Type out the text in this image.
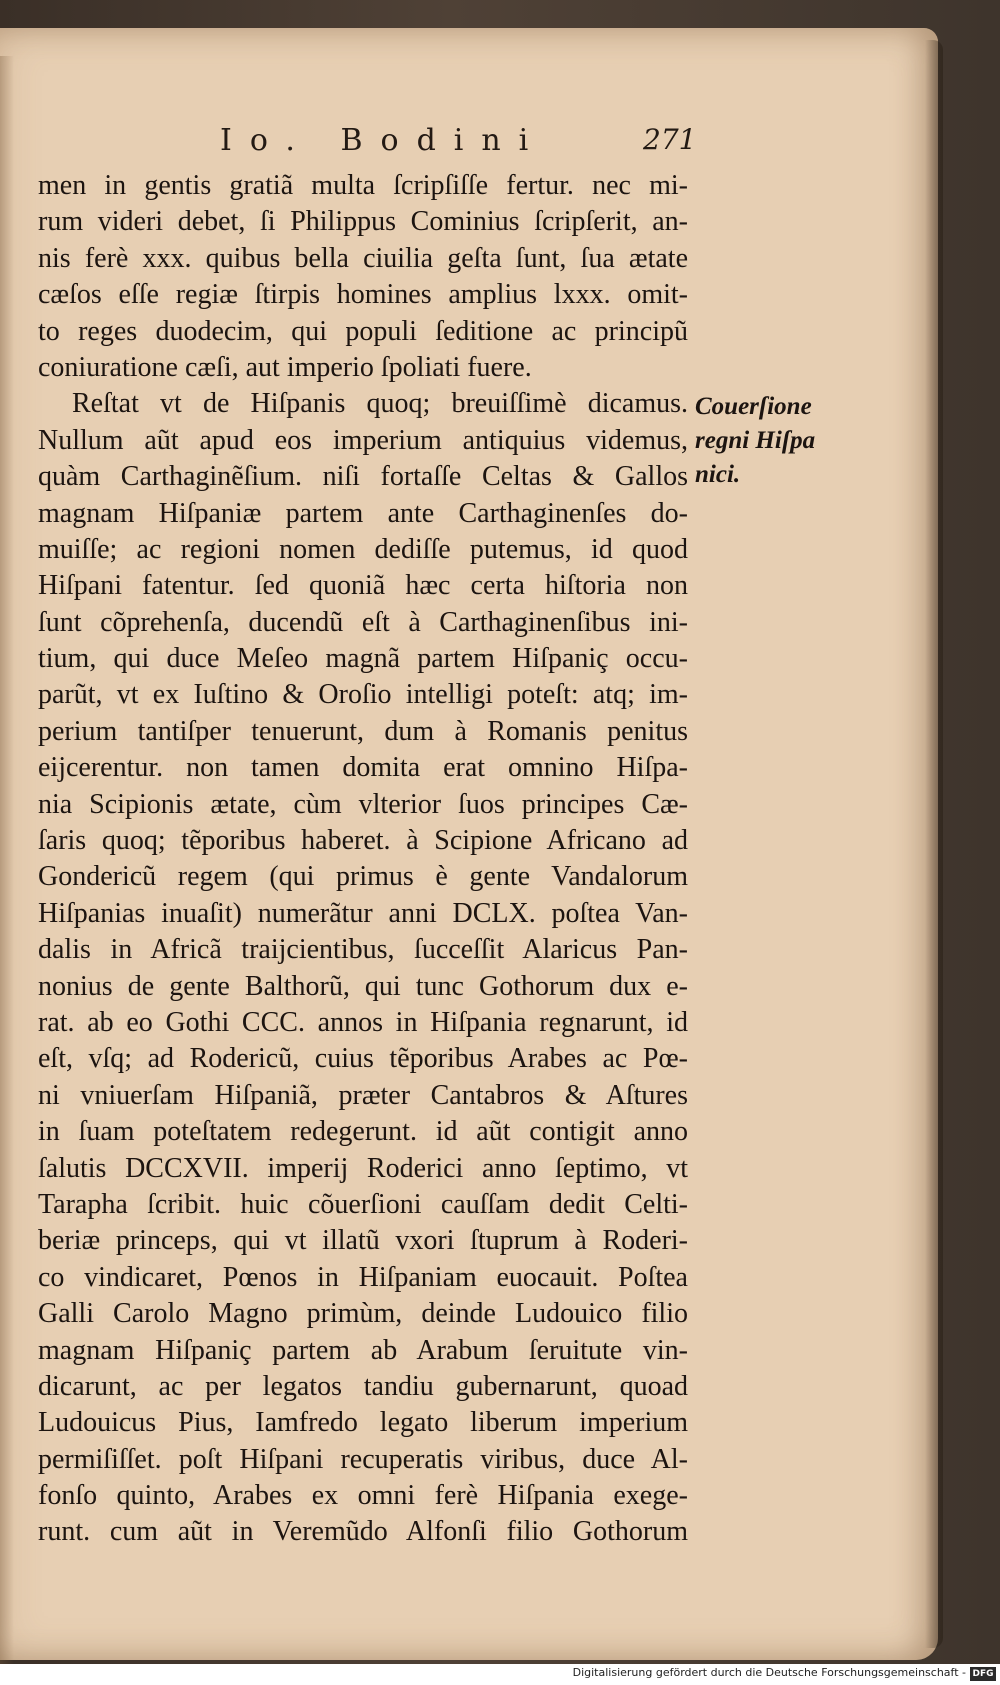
Io. Bodini	271
men in gentis gratiã multa ſcripſiſſe fertur. nec mi-
rum videri debet, ſi Philippus Cominius ſcripſerit, an-
nis ferè xxx. quibus bella ciuilia geſta ſunt, ſua ætate
cæſos eſſe regiæ ſtirpis homines amplius lxxx. omit-
to reges duodecim, qui populi ſeditione ac principũ
coniuratione cæſi, aut imperio ſpoliati fuere.
Reſtat vt de Hiſpanis quoq; breuiſſimè dicamus.
Nullum aũt apud eos imperium antiquius videmus,
quàm Carthaginẽſium. niſi fortaſſe Celtas & Gallos
magnam Hiſpaniæ partem ante Carthaginenſes do-
muiſſe; ac regioni nomen dediſſe putemus, id quod
Hiſpani fatentur. ſed quoniã hæc certa hiſtoria non
ſunt cõprehenſa, ducendũ eſt à Carthaginenſibus ini-
tium, qui duce Meſeo magnã partem Hiſpaniç occu-
parũt, vt ex Iuſtino & Oroſio intelligi poteſt: atq; im-
perium tantiſper tenuerunt, dum à Romanis penitus
eijcerentur. non tamen domita erat omnino Hiſpa-
nia Scipionis ætate, cùm vlterior ſuos principes Cæ-
ſaris quoq; tẽporibus haberet. à Scipione Africano ad
Gondericũ regem (qui primus è gente Vandalorum
Hiſpanias inuaſit) numerãtur anni DCLX. poſtea Van-
dalis in Africã traijcientibus, ſucceſſit Alaricus Pan-
nonius de gente Balthorũ, qui tunc Gothorum dux e-
rat. ab eo Gothi CCC. annos in Hiſpania regnarunt, id
eſt, vſq; ad Rodericũ, cuius tẽporibus Arabes ac Pœ-
ni vniuerſam Hiſpaniã, præter Cantabros & Aſtures
in ſuam poteſtatem redegerunt. id aũt contigit anno
ſalutis DCCXVII. imperij Roderici anno ſeptimo, vt
Tarapha ſcribit. huic cõuerſioni cauſſam dedit Celti-
beriæ princeps, qui vt illatũ vxori ſtuprum à Roderi-
co vindicaret, Pœnos in Hiſpaniam euocauit. Poſtea
Galli Carolo Magno primùm, deinde Ludouico filio
magnam Hiſpaniç partem ab Arabum ſeruitute vin-
dicarunt, ac per legatos tandiu gubernarunt, quoad
Ludouicus Pius, Iamfredo legato liberum imperium
permiſiſſet. poſt Hiſpani recuperatis viribus, duce Al-
fonſo quinto, Arabes ex omni ferè Hiſpania exege-
runt. cum aũt in Veremũdo Alfonſi filio Gothorum
Couerſione
regni Hiſpa
nici.
Digitalisierung gefördert durch die Deutsche Forschungsgemeinschaft - DFG
